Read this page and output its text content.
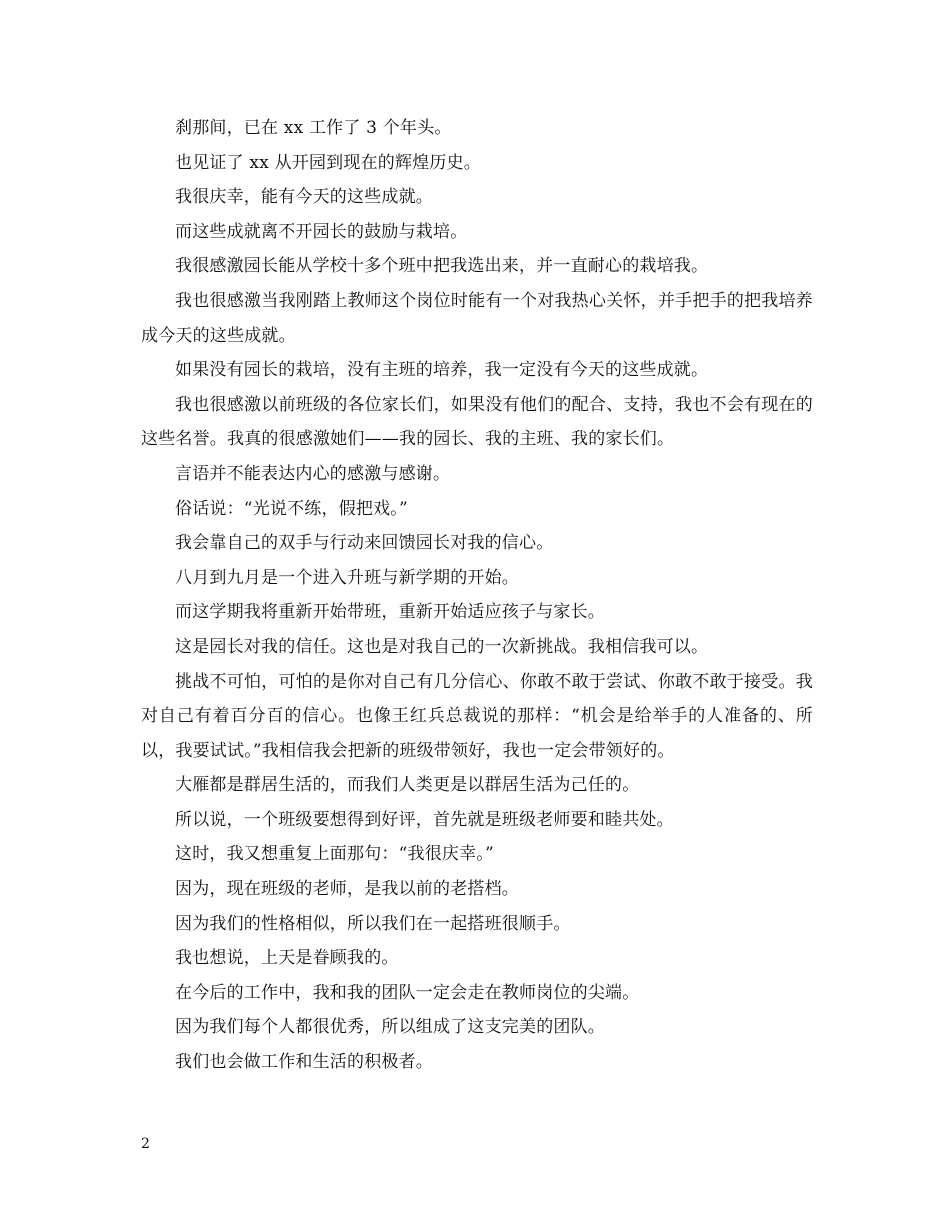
刹那间，已在 xx 工作了 3 个年头。

也见证了 xx 从开园到现在的辉煌历史。

我很庆幸，能有今天的这些成就。

而这些成就离不开园长的鼓励与栽培。

我很感激园长能从学校十多个班中把我选出来，并一直耐心的栽培我。

我也很感激当我刚踏上教师这个岗位时能有一个对我热心关怀，并手把手的把我培养成今天的这些成就。

如果没有园长的栽培，没有主班的培养，我一定没有今天的这些成就。

我也很感激以前班级的各位家长们，如果没有他们的配合、支持，我也不会有现在的这些名誉。我真的很感激她们——我的园长、我的主班、我的家长们。

言语并不能表达内心的感激与感谢。

俗话说：“光说不练，假把戏。”

我会靠自己的双手与行动来回馈园长对我的信心。

八月到九月是一个进入升班与新学期的开始。

而这学期我将重新开始带班，重新开始适应孩子与家长。

这是园长对我的信任。这也是对我自己的一次新挑战。我相信我可以。

挑战不可怕，可怕的是你对自己有几分信心、你敢不敢于尝试、你敢不敢于接受。我对自己有着百分百的信心。也像王红兵总裁说的那样：“机会是给举手的人准备的、所以，我要试试。”我相信我会把新的班级带领好，我也一定会带领好的。

大雁都是群居生活的，而我们人类更是以群居生活为己任的。

所以说，一个班级要想得到好评，首先就是班级老师要和睦共处。

这时，我又想重复上面那句：“我很庆幸。”

因为，现在班级的老师，是我以前的老搭档。

因为我们的性格相似，所以我们在一起搭班很顺手。

我也想说，上天是眷顾我的。

在今后的工作中，我和我的团队一定会走在教师岗位的尖端。

因为我们每个人都很优秀，所以组成了这支完美的团队。

我们也会做工作和生活的积极者。

2
